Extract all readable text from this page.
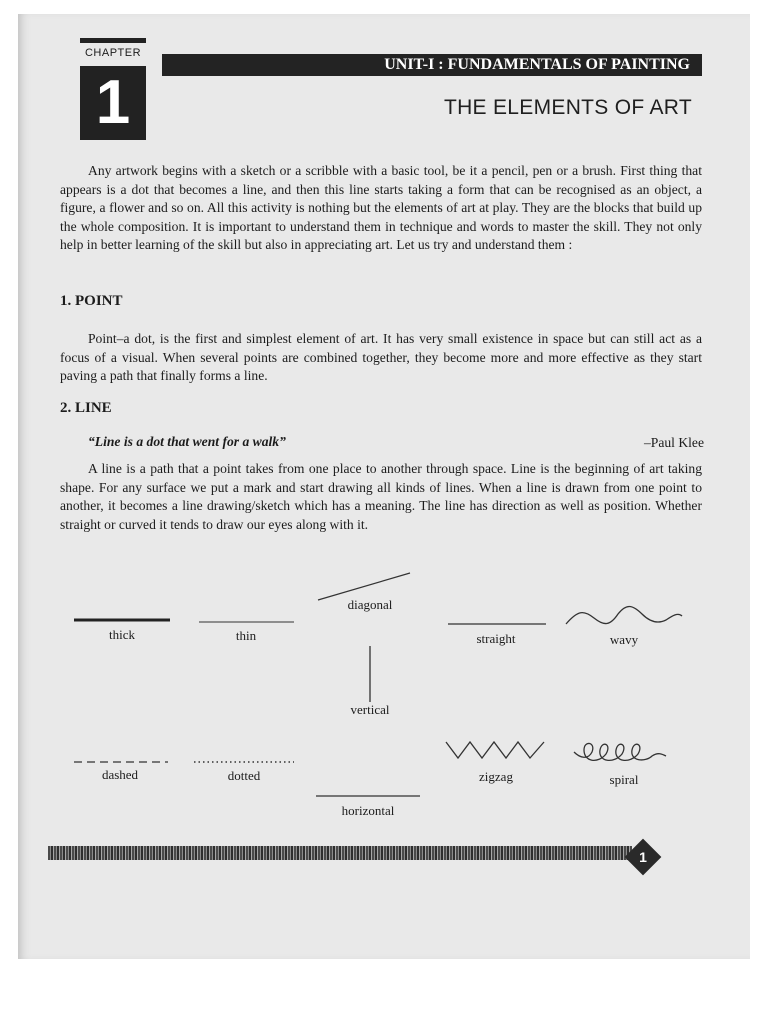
CHAPTER
1
UNIT-I : FUNDAMENTALS OF PAINTING
THE ELEMENTS OF ART
Any artwork begins with a sketch or a scribble with a basic tool, be it a pencil, pen or a brush. First thing that appears is a dot that becomes a line, and then this line starts taking a form that can be recognised as an object, a figure, a flower and so on. All this activity is nothing but the elements of art at play. They are the blocks that build up the whole composition. It is important to understand them in technique and words to master the skill. They not only help in better learning of the skill but also in appreciating art. Let us try and understand them :
1. POINT
Point–a dot, is the first and simplest element of art. It has very small existence in space but can still act as a focus of a visual. When several points are combined together, they become more and more effective as they start paving a path that finally forms a line.
2. LINE
“Line is a dot that went for a walk”	–Paul Klee
A line is a path that a point takes from one place to another through space. Line is the beginning of art taking shape. For any surface we put a mark and start drawing all kinds of lines. When a line is drawn from one point to another, it becomes a line drawing/sketch which has a meaning. The line has direction as well as position. Whether straight or curved it tends to draw our eyes along with it.
thick	thin
diagonal
straight	wavy
vertical
dashed	dotted	zigzag	spiral
horizontal
1
